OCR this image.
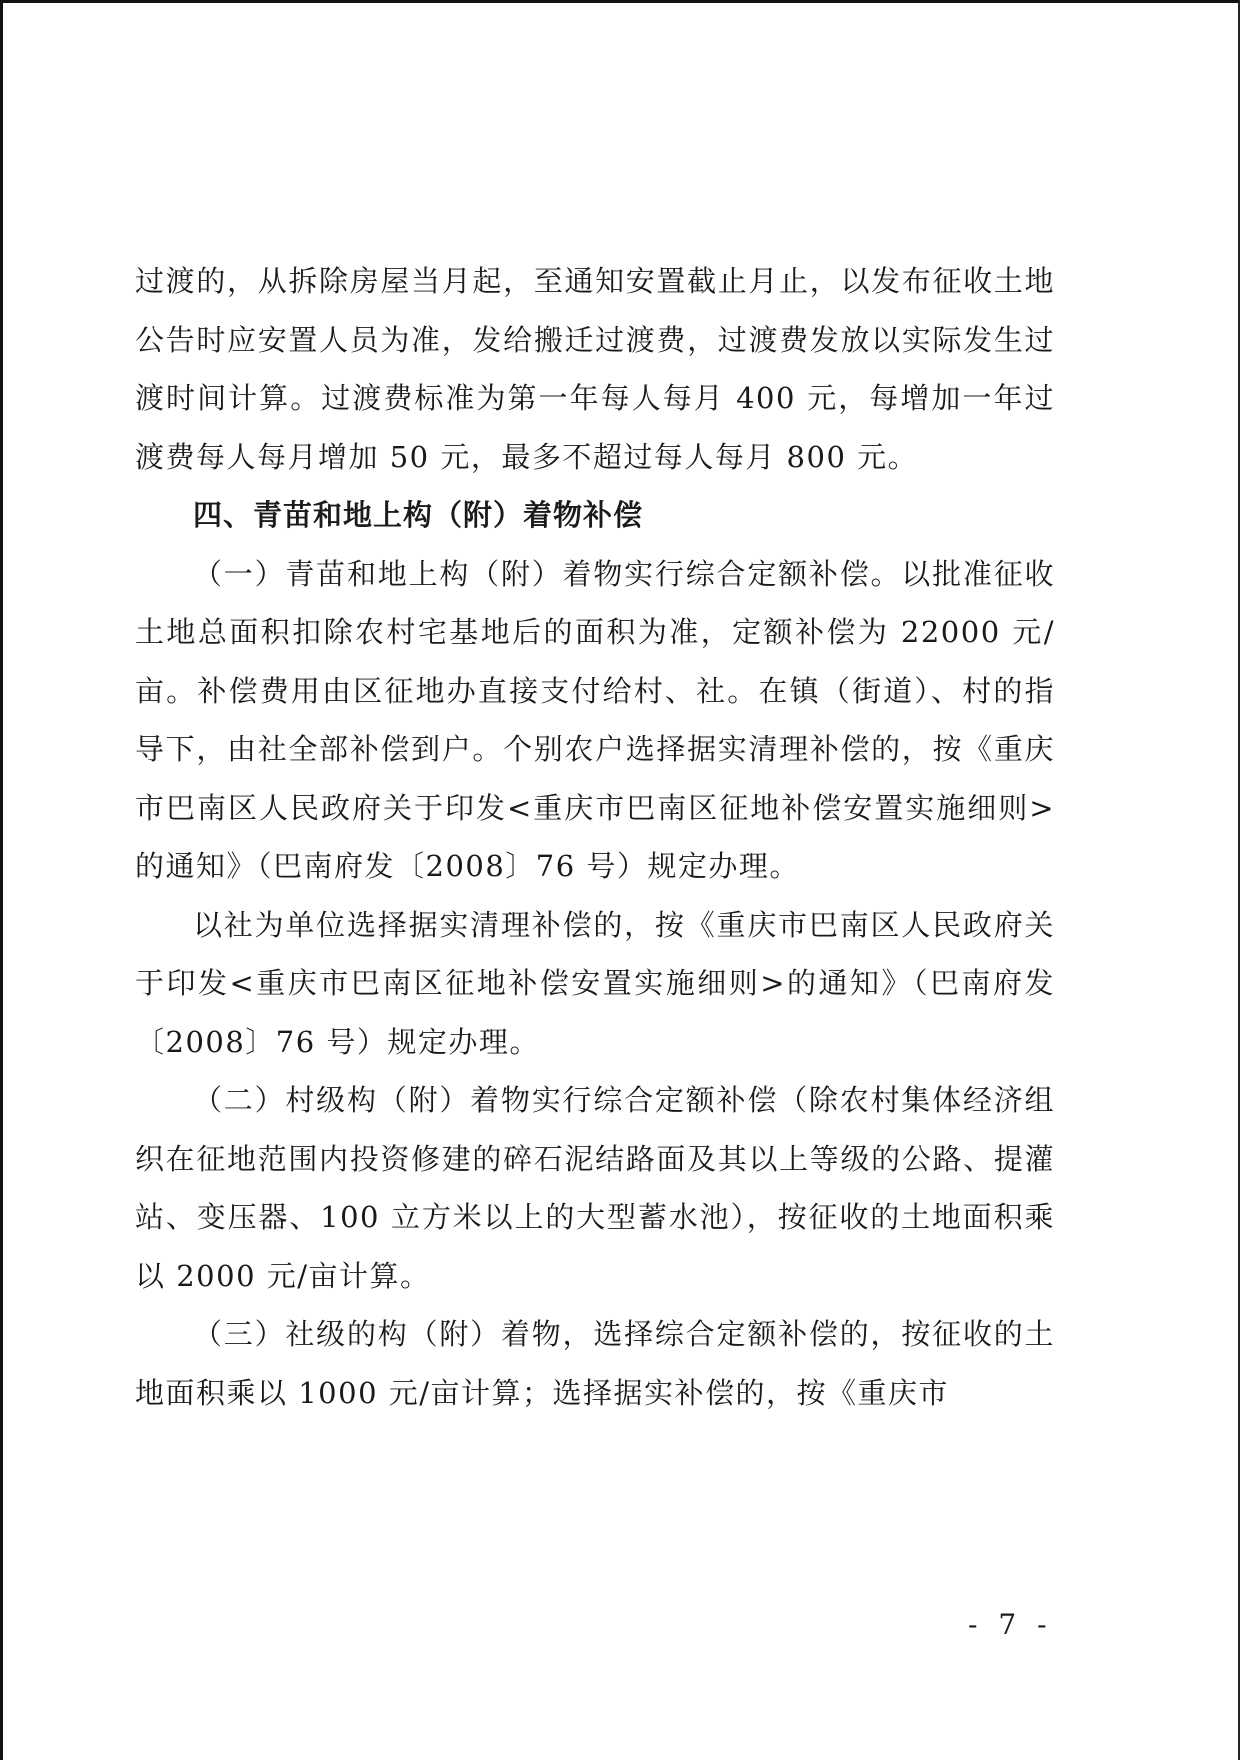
过渡的，从拆除房屋当月起，至通知安置截止月止，以发布征收土地公告时应安置人员为准，发给搬迁过渡费，过渡费发放以实际发生过渡时间计算。过渡费标准为第一年每人每月 400 元，每增加一年过渡费每人每月增加 50 元，最多不超过每人每月 800 元。

四、青苗和地上构（附）着物补偿

（一）青苗和地上构（附）着物实行综合定额补偿。以批准征收土地总面积扣除农村宅基地后的面积为准，定额补偿为 22000 元/亩。补偿费用由区征地办直接支付给村、社。在镇（街道）、村的指导下，由社全部补偿到户。个别农户选择据实清理补偿的，按《重庆市巴南区人民政府关于印发<重庆市巴南区征地补偿安置实施细则>的通知》（巴南府发〔2008〕76 号）规定办理。

以社为单位选择据实清理补偿的，按《重庆市巴南区人民政府关于印发<重庆市巴南区征地补偿安置实施细则>的通知》（巴南府发〔2008〕76 号）规定办理。

（二）村级构（附）着物实行综合定额补偿（除农村集体经济组织在征地范围内投资修建的碎石泥结路面及其以上等级的公路、提灌站、变压器、100 立方米以上的大型蓄水池），按征收的土地面积乘以 2000 元/亩计算。

（三）社级的构（附）着物，选择综合定额补偿的，按征收的土地面积乘以 1000 元/亩计算；选择据实补偿的，按《重庆市

- 7 -
